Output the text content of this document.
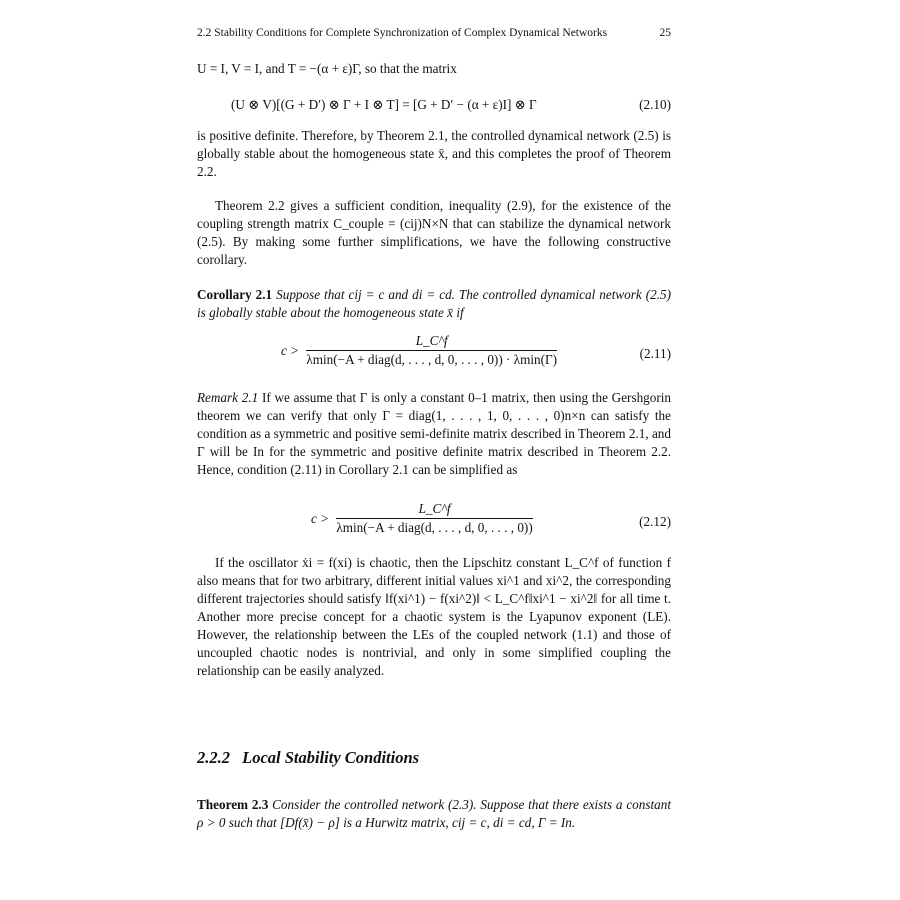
2.2 Stability Conditions for Complete Synchronization of Complex Dynamical Networks	25

U = I, V = I, and T = −(α + ε)Γ, so that the matrix

(U ⊗ V)[(G + D′) ⊗ Γ + I ⊗ T] = [G + D′ − (α + ε)I] ⊗ Γ	(2.10)

is positive definite. Therefore, by Theorem 2.1, the controlled dynamical network (2.5) is globally stable about the homogeneous state x̄, and this completes the proof of Theorem 2.2.

Theorem 2.2 gives a sufficient condition, inequality (2.9), for the existence of the coupling strength matrix C_couple = (cij)N×N that can stabilize the dynamical network (2.5). By making some further simplifications, we have the following constructive corollary.

Corollary 2.1 Suppose that cij = c and di = cd. The controlled dynamical network (2.5) is globally stable about the homogeneous state x̄ if

$c > \frac{L\_C\^{}f}{\text{λmin(−A + diag(d, . . . , d, 0, . . . , 0)) · λmin(Γ)}}$	(2.11)

Remark 2.1 If we assume that Γ is only a constant 0–1 matrix, then using the Gershgorin theorem we can verify that only Γ = diag(1, . . . , 1, 0, . . . , 0)n×n can satisfy the condition as a symmetric and positive semi-definite matrix described in Theorem 2.1, and Γ will be In for the symmetric and positive definite matrix described in Theorem 2.2. Hence, condition (2.11) in Corollary 2.1 can be simplified as

$c > \frac{L\_C\^{}f}{\text{λmin(−A + diag(d, . . . , d, 0, . . . , 0))}}$	(2.12)

If the oscillator ẋi = f(xi) is chaotic, then the Lipschitz constant L_C^f of function f also means that for two arbitrary, different initial values xi^1 and xi^2, the corresponding different trajectories should satisfy ‖f(xi^1) − f(xi^2)‖ < L_C^f‖xi^1 − xi^2‖ for all time t. Another more precise concept for a chaotic system is the Lyapunov exponent (LE). However, the relationship between the LEs of the coupled network (1.1) and those of uncoupled chaotic nodes is nontrivial, and only in some simplified coupling the relationship can be easily analyzed.

2.2.2 Local Stability Conditions

Theorem 2.3 Consider the controlled network (2.3). Suppose that there exists a constant ρ > 0 such that [Df(x̄) − ρ] is a Hurwitz matrix, cij = c, di = cd, Γ = In.
